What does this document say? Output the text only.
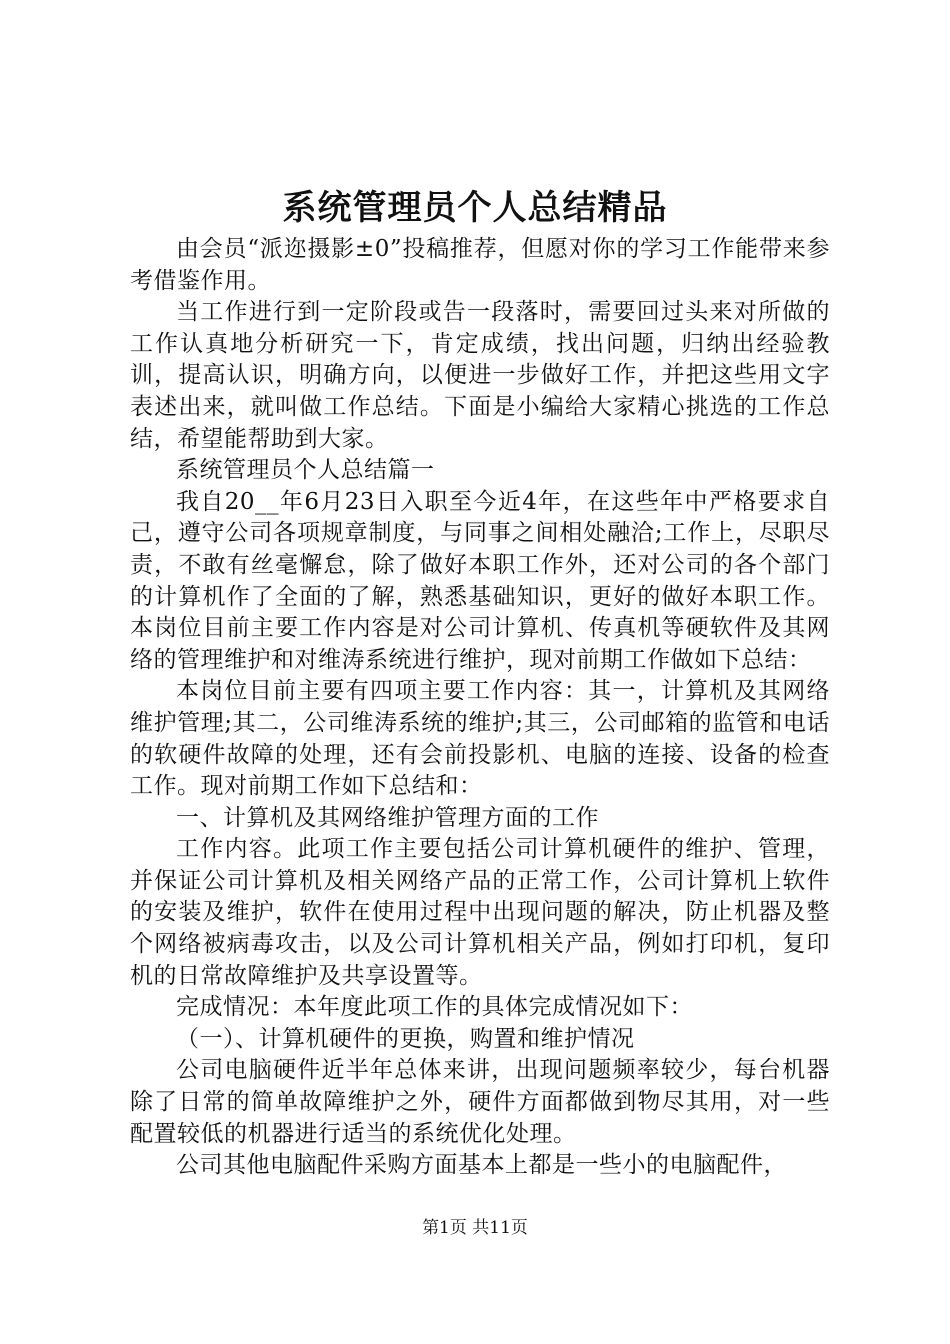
系统管理员个人总结精品

由会员“派迩摄影±0”投稿推荐，但愿对你的学习工作能带来参考借鉴作用。

当工作进行到一定阶段或告一段落时，需要回过头来对所做的工作认真地分析研究一下，肯定成绩，找出问题，归纳出经验教训，提高认识，明确方向，以便进一步做好工作，并把这些用文字表述出来，就叫做工作总结。下面是小编给大家精心挑选的工作总结，希望能帮助到大家。

系统管理员个人总结篇一

我自20__年6月23日入职至今近4年，在这些年中严格要求自己，遵守公司各项规章制度，与同事之间相处融洽;工作上，尽职尽责，不敢有丝毫懈怠，除了做好本职工作外，还对公司的各个部门的计算机作了全面的了解，熟悉基础知识，更好的做好本职工作。本岗位目前主要工作内容是对公司计算机、传真机等硬软件及其网络的管理维护和对维涛系统进行维护，现对前期工作做如下总结：

本岗位目前主要有四项主要工作内容：其一，计算机及其网络维护管理;其二，公司维涛系统的维护;其三，公司邮箱的监管和电话的软硬件故障的处理，还有会前投影机、电脑的连接、设备的检查工作。现对前期工作如下总结和：

一、计算机及其网络维护管理方面的工作

工作内容。此项工作主要包括公司计算机硬件的维护、管理，并保证公司计算机及相关网络产品的正常工作，公司计算机上软件的安装及维护，软件在使用过程中出现问题的解决，防止机器及整个网络被病毒攻击，以及公司计算机相关产品，例如打印机，复印机的日常故障维护及共享设置等。

完成情况：本年度此项工作的具体完成情况如下：

（一）、计算机硬件的更换，购置和维护情况

公司电脑硬件近半年总体来讲，出现问题频率较少，每台机器除了日常的简单故障维护之外，硬件方面都做到物尽其用，对一些配置较低的机器进行适当的系统优化处理。

公司其他电脑配件采购方面基本上都是一些小的电脑配件，

第1页 共11页
